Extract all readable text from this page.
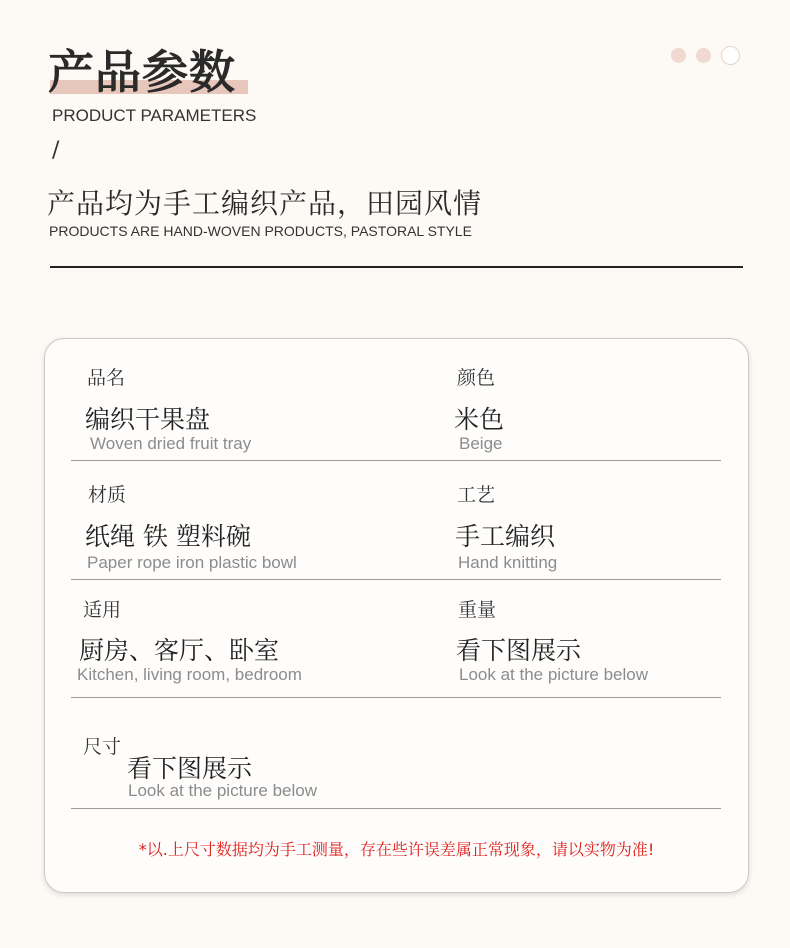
产品参数
PRODUCT PARAMETERS
/
产品均为手工编织产品，田园风情
PRODUCTS ARE HAND-WOVEN PRODUCTS, PASTORAL STYLE
品名
编织干果盘
Woven dried fruit tray
颜色
米色
Beige
材质
纸绳 铁 塑料碗
Paper rope iron plastic bowl
工艺
手工编织
Hand knitting
适用
厨房、客厅、卧室
Kitchen, living room, bedroom
重量
看下图展示
Look at the picture below
尺寸
看下图展示
Look at the picture below
*以.上尺寸数据均为手工测量，存在些许误差属正常现象，请以实物为准!
